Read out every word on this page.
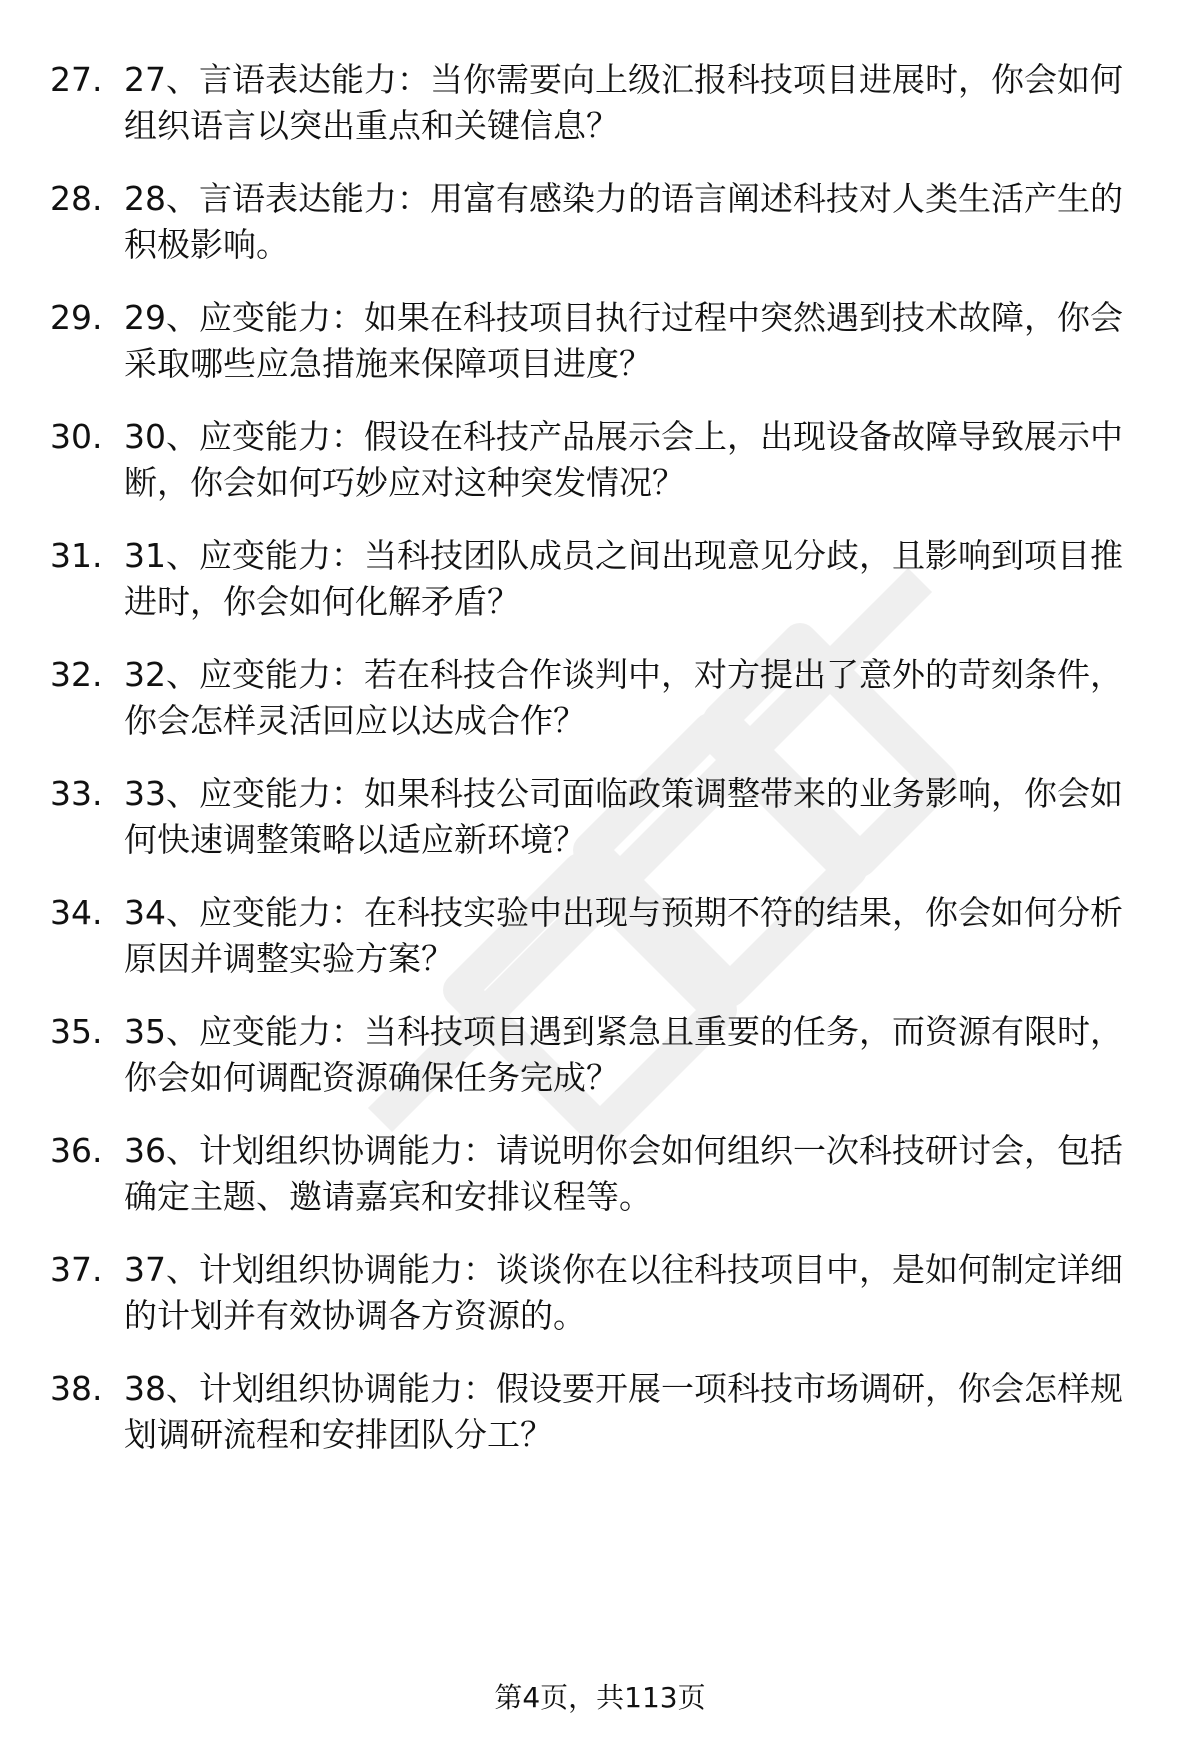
27. 27、言语表达能力：当你需要向上级汇报科技项目进展时，你会如何组织语言以突出重点和关键信息？
28. 28、言语表达能力：用富有感染力的语言阐述科技对人类生活产生的积极影响。
29. 29、应变能力：如果在科技项目执行过程中突然遇到技术故障，你会采取哪些应急措施来保障项目进度？
30. 30、应变能力：假设在科技产品展示会上，出现设备故障导致展示中断，你会如何巧妙应对这种突发情况？
31. 31、应变能力：当科技团队成员之间出现意见分歧，且影响到项目推进时，你会如何化解矛盾？
32. 32、应变能力：若在科技合作谈判中，对方提出了意外的苛刻条件，你会怎样灵活回应以达成合作？
33. 33、应变能力：如果科技公司面临政策调整带来的业务影响，你会如何快速调整策略以适应新环境？
34. 34、应变能力：在科技实验中出现与预期不符的结果，你会如何分析原因并调整实验方案？
35. 35、应变能力：当科技项目遇到紧急且重要的任务，而资源有限时，你会如何调配资源确保任务完成？
36. 36、计划组织协调能力：请说明你会如何组织一次科技研讨会，包括确定主题、邀请嘉宾和安排议程等。
37. 37、计划组织协调能力：谈谈你在以往科技项目中，是如何制定详细的计划并有效协调各方资源的。
38. 38、计划组织协调能力：假设要开展一项科技市场调研，你会怎样规划调研流程和安排团队分工？
第4页，共113页
